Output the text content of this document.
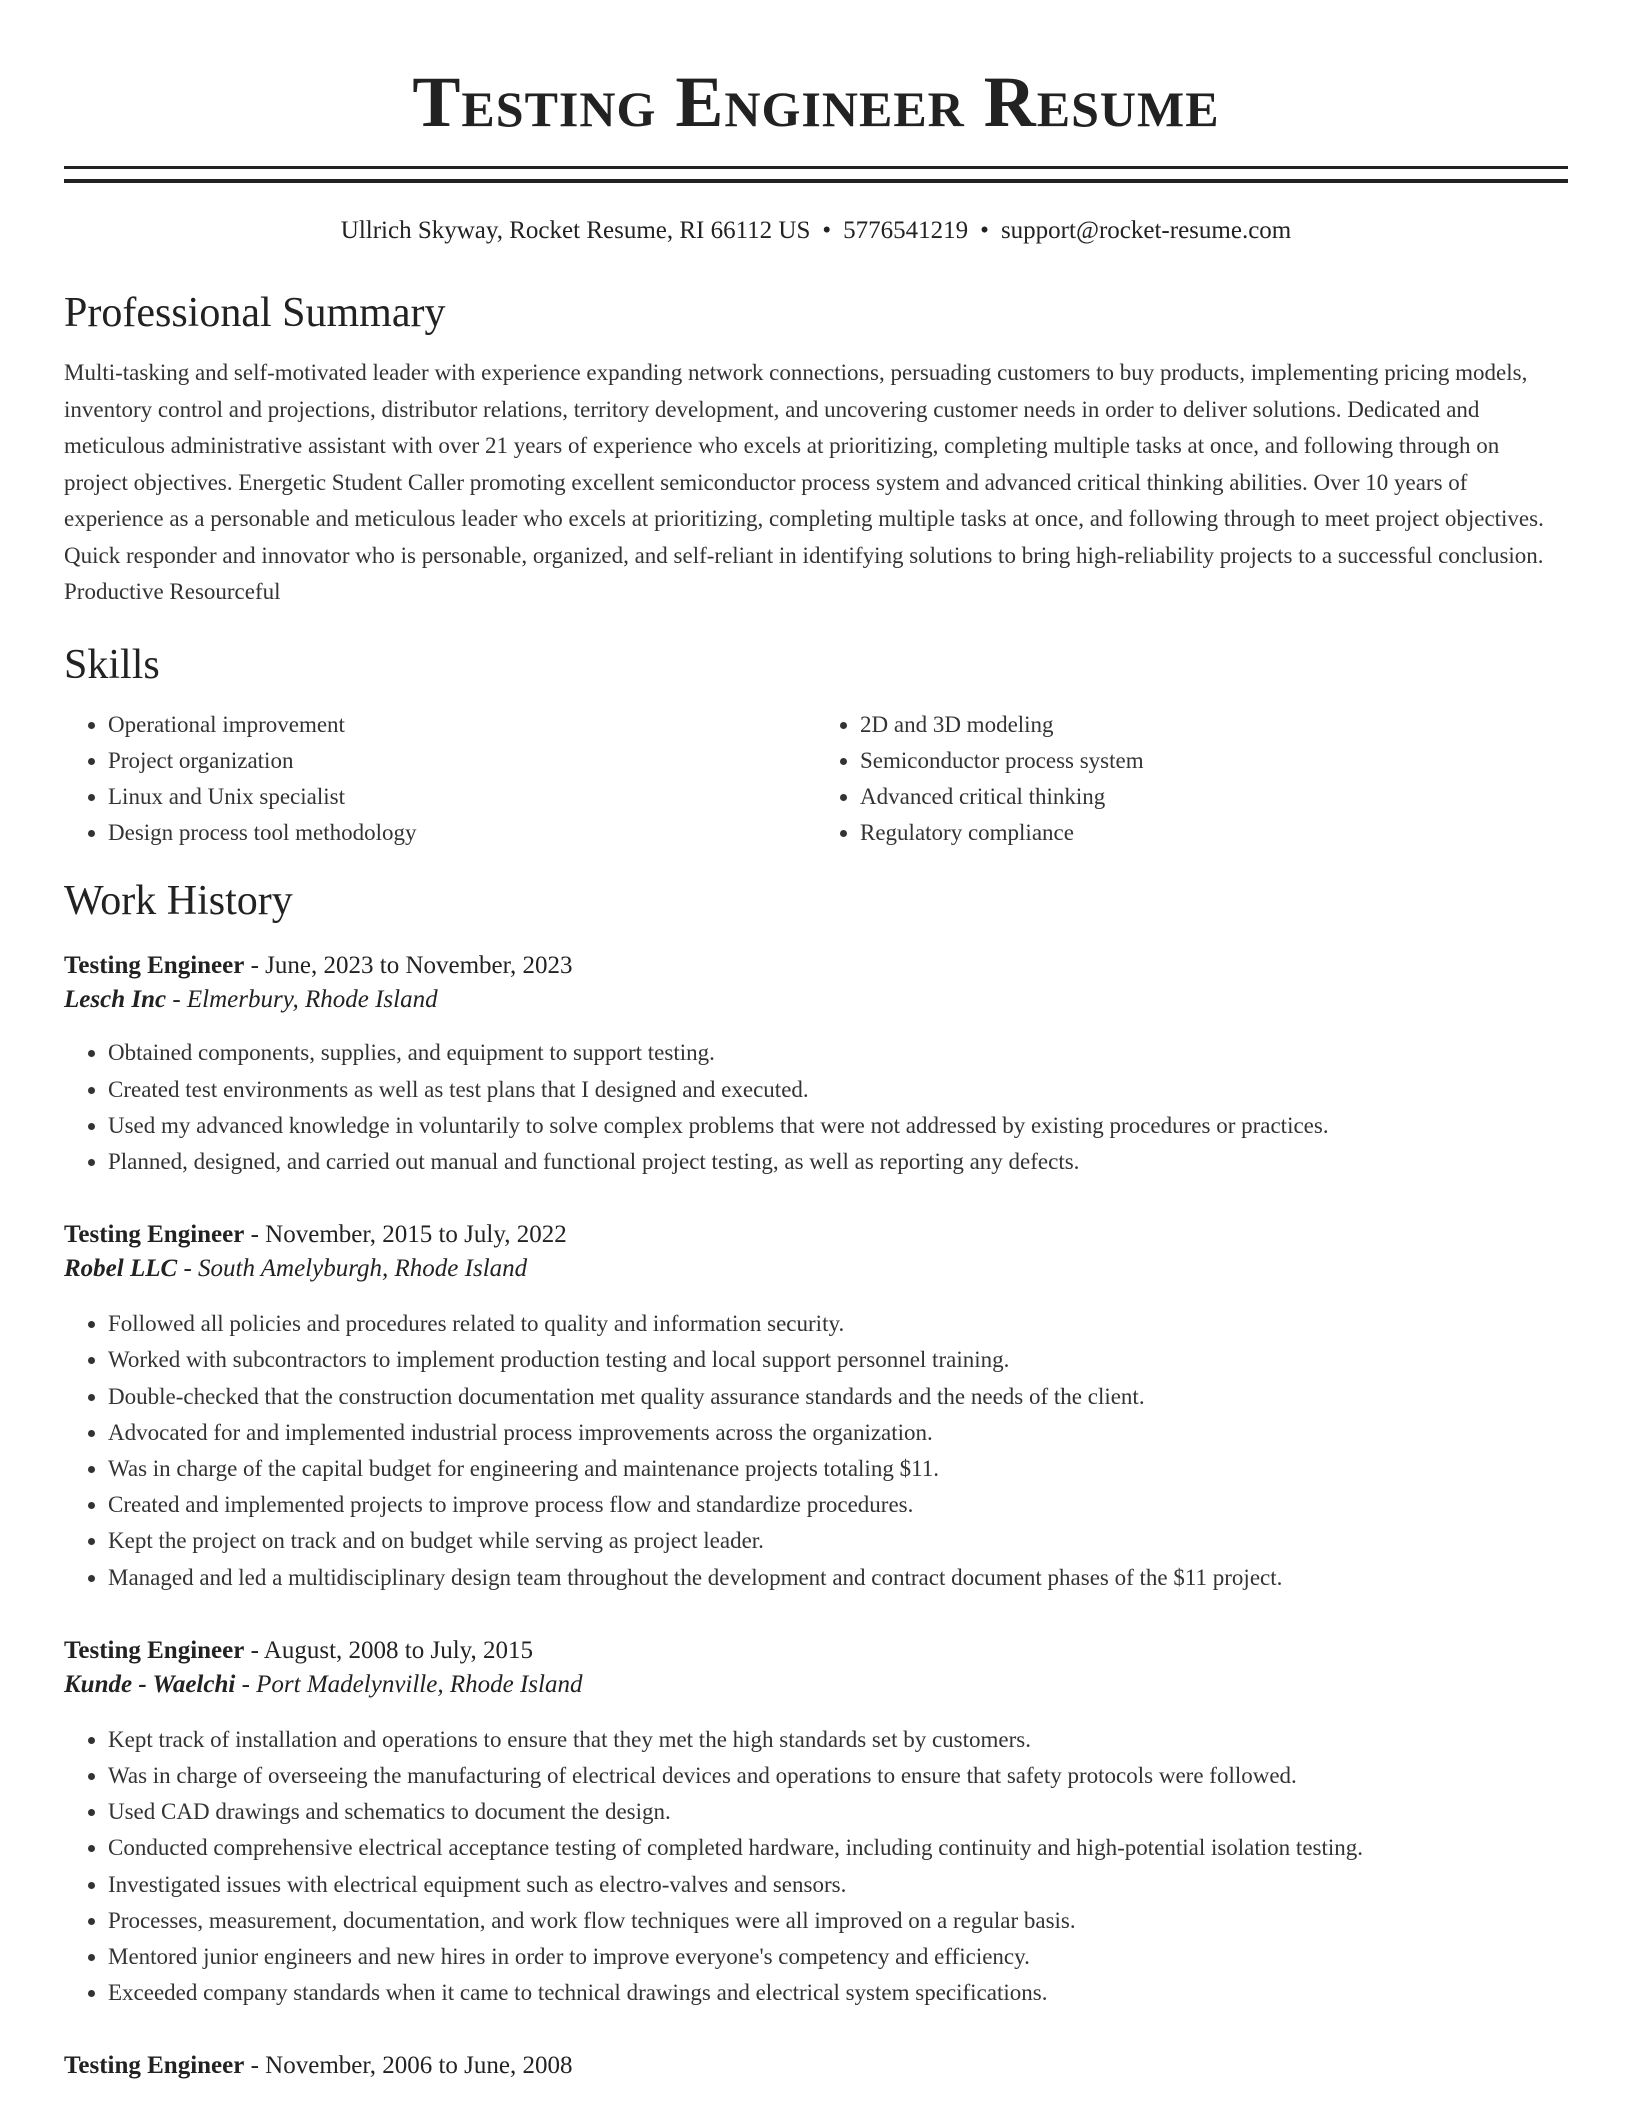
Testing Engineer Resume
Ullrich Skyway, Rocket Resume, RI 66112 US • 5776541219 • support@rocket-resume.com
Professional Summary

Multi-tasking and self-motivated leader with experience expanding network connections, persuading customers to buy products, implementing pricing models, inventory control and projections, distributor relations, territory development, and uncovering customer needs in order to deliver solutions. Dedicated and meticulous administrative assistant with over 21 years of experience who excels at prioritizing, completing multiple tasks at once, and following through on project objectives. Energetic Student Caller promoting excellent semiconductor process system and advanced critical thinking abilities. Over 10 years of experience as a personable and meticulous leader who excels at prioritizing, completing multiple tasks at once, and following through to meet project objectives. Quick responder and innovator who is personable, organized, and self-reliant in identifying solutions to bring high-reliability projects to a successful conclusion. Productive Resourceful

Skills
• Operational improvement
• Project organization
• Linux and Unix specialist
• Design process tool methodology
• 2D and 3D modeling
• Semiconductor process system
• Advanced critical thinking
• Regulatory compliance
Work History
Testing Engineer - June, 2023 to November, 2023
Lesch Inc - Elmerbury, Rhode Island
• Obtained components, supplies, and equipment to support testing.
• Created test environments as well as test plans that I designed and executed.
• Used my advanced knowledge in voluntarily to solve complex problems that were not addressed by existing procedures or practices.
• Planned, designed, and carried out manual and functional project testing, as well as reporting any defects.
Testing Engineer - November, 2015 to July, 2022
Robel LLC - South Amelyburgh, Rhode Island
• Followed all policies and procedures related to quality and information security.
• Worked with subcontractors to implement production testing and local support personnel training.
• Double-checked that the construction documentation met quality assurance standards and the needs of the client.
• Advocated for and implemented industrial process improvements across the organization.
• Was in charge of the capital budget for engineering and maintenance projects totaling $11.
• Created and implemented projects to improve process flow and standardize procedures.
• Kept the project on track and on budget while serving as project leader.
• Managed and led a multidisciplinary design team throughout the development and contract document phases of the $11 project.
Testing Engineer - August, 2008 to July, 2015
Kunde - Waelchi - Port Madelynville, Rhode Island
• Kept track of installation and operations to ensure that they met the high standards set by customers.
• Was in charge of overseeing the manufacturing of electrical devices and operations to ensure that safety protocols were followed.
• Used CAD drawings and schematics to document the design.
• Conducted comprehensive electrical acceptance testing of completed hardware, including continuity and high-potential isolation testing.
• Investigated issues with electrical equipment such as electro-valves and sensors.
• Processes, measurement, documentation, and work flow techniques were all improved on a regular basis.
• Mentored junior engineers and new hires in order to improve everyone's competency and efficiency.
• Exceeded company standards when it came to technical drawings and electrical system specifications.
Testing Engineer - November, 2006 to June, 2008
